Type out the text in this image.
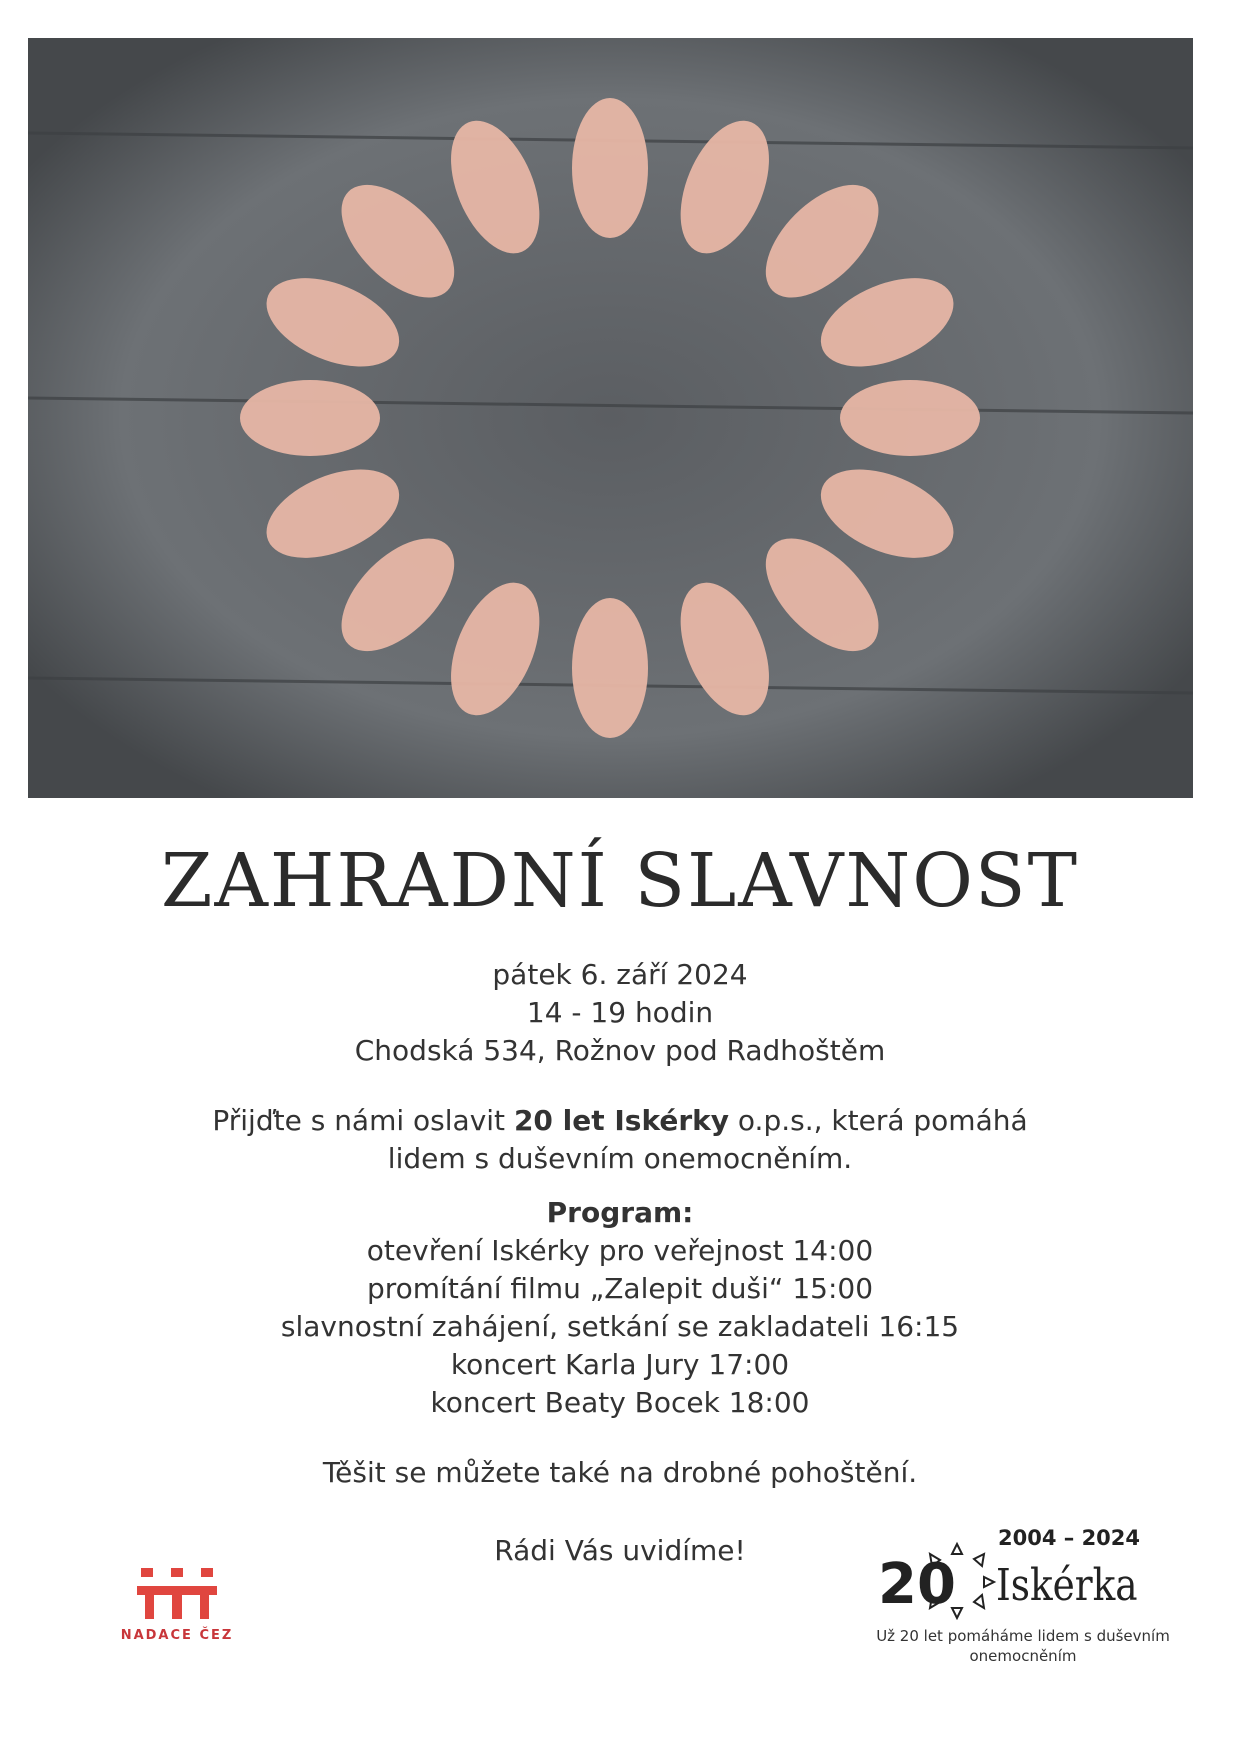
ZAHRADNÍ SLAVNOST
pátek 6. září 2024
14 - 19 hodin
Chodská 534, Rožnov pod Radhoštěm
Přijďte s námi oslavit 20 let Iskérky o.p.s., která pomáhá
lidem s duševním onemocněním.
Program:
otevření Iskérky pro veřejnost 14:00
promítání filmu „Zalepit duši“ 15:00
slavnostní zahájení, setkání se zakladateli 16:15
koncert Karla Jury 17:00
koncert Beaty Bocek 18:00
Těšit se můžete také na drobné pohoštění.
Rádi Vás uvidíme!
NADACE ČEZ
2004 – 2024
20 Iskérka
Už 20 let pomáháme lidem s duševním
onemocněním
